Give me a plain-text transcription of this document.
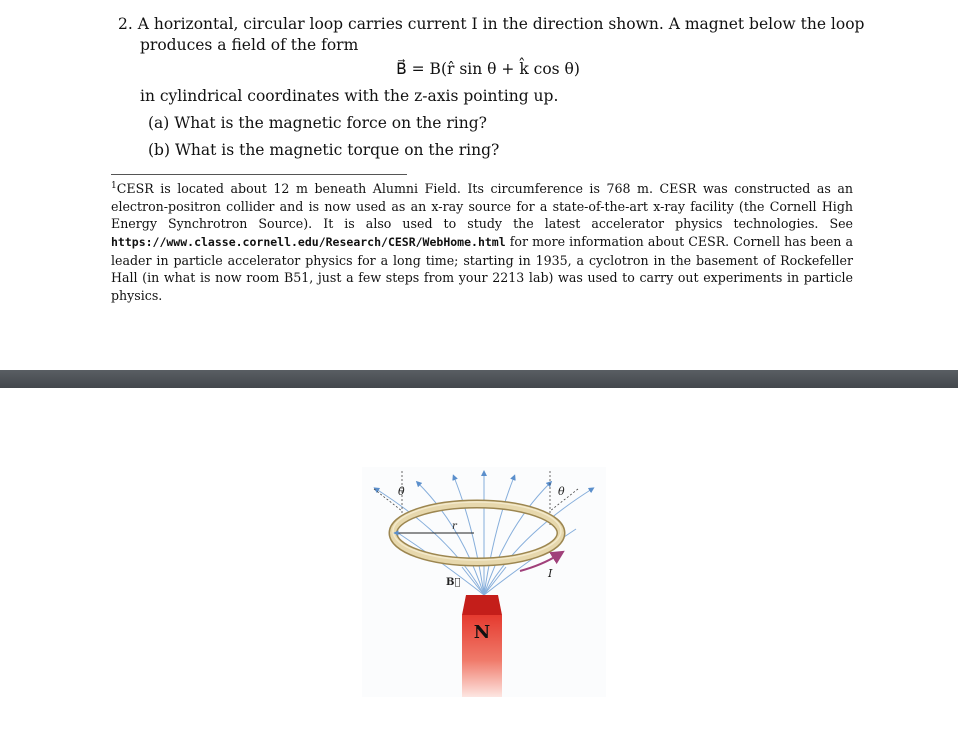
2. A horizontal, circular loop carries current I in the direction shown. A magnet below the loop
produces a field of the form
B⃗ = B(r̂ sin θ + k̂ cos θ)
in cylindrical coordinates with the z-axis pointing up.
(a) What is the magnetic force on the ring?
(b) What is the magnetic torque on the ring?
$^1$CESR is located about 12 m beneath Alumni Field. Its circumference is 768 m. CESR was constructed as an electron-positron collider and is now used as an x-ray source for a state-of-the-art x-ray facility (the Cornell High Energy Synchrotron Source). It is also used to study the latest accelerator physics technologies. See https://www.classe.cornell.edu/Research/CESR/WebHome.html for more information about CESR. Cornell has been a leader in particle accelerator physics for a long time; starting in 1935, a cyclotron in the basement of Rockefeller Hall (in what is now room B51, just a few steps from your 2213 lab) was used to carry out experiments in particle physics.
θ	θ
r
I
B⃗
N
